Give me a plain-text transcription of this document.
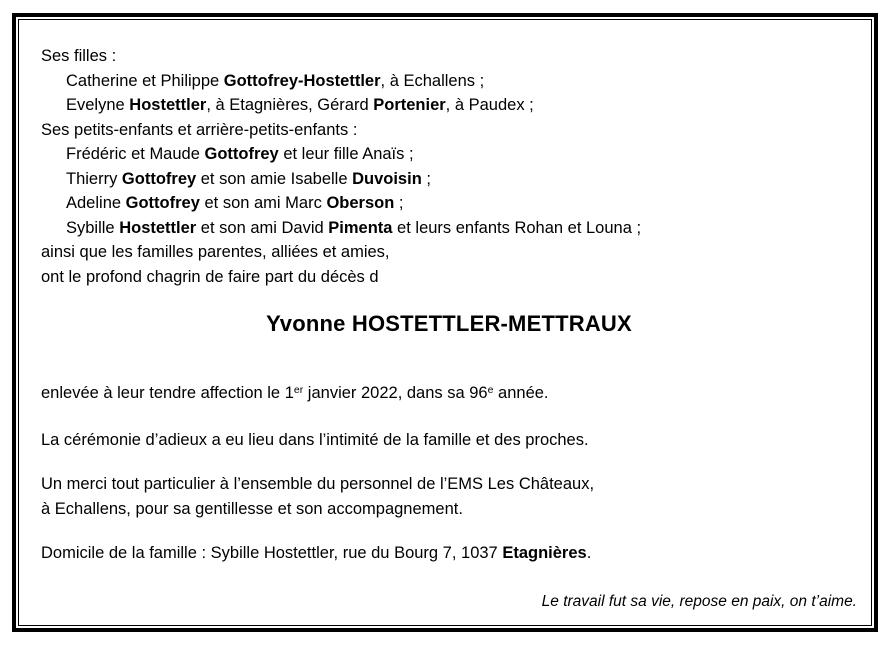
Ses filles :
Catherine et Philippe Gottofrey-Hostettler, à Echallens ;
Evelyne Hostettler, à Etagnières, Gérard Portenier, à Paudex ;
Ses petits-enfants et arrière-petits-enfants :
Frédéric et Maude Gottofrey et leur fille Anaïs ;
Thierry Gottofrey et son amie Isabelle Duvoisin ;
Adeline Gottofrey et son ami Marc Oberson ;
Sybille Hostettler et son ami David Pimenta et leurs enfants Rohan et Louna ;
ainsi que les familles parentes, alliées et amies,
ont le profond chagrin de faire part du décès d
Yvonne HOSTETTLER-METTRAUX
enlevée à leur tendre affection le 1er janvier 2022, dans sa 96e année.
La cérémonie d’adieux a eu lieu dans l’intimité de la famille et des proches.
Un merci tout particulier à l’ensemble du personnel de l’EMS Les Châteaux,
à Echallens, pour sa gentillesse et son accompagnement.
Domicile de la famille : Sybille Hostettler, rue du Bourg 7, 1037 Etagnières.
Le travail fut sa vie, repose en paix, on t’aime.
